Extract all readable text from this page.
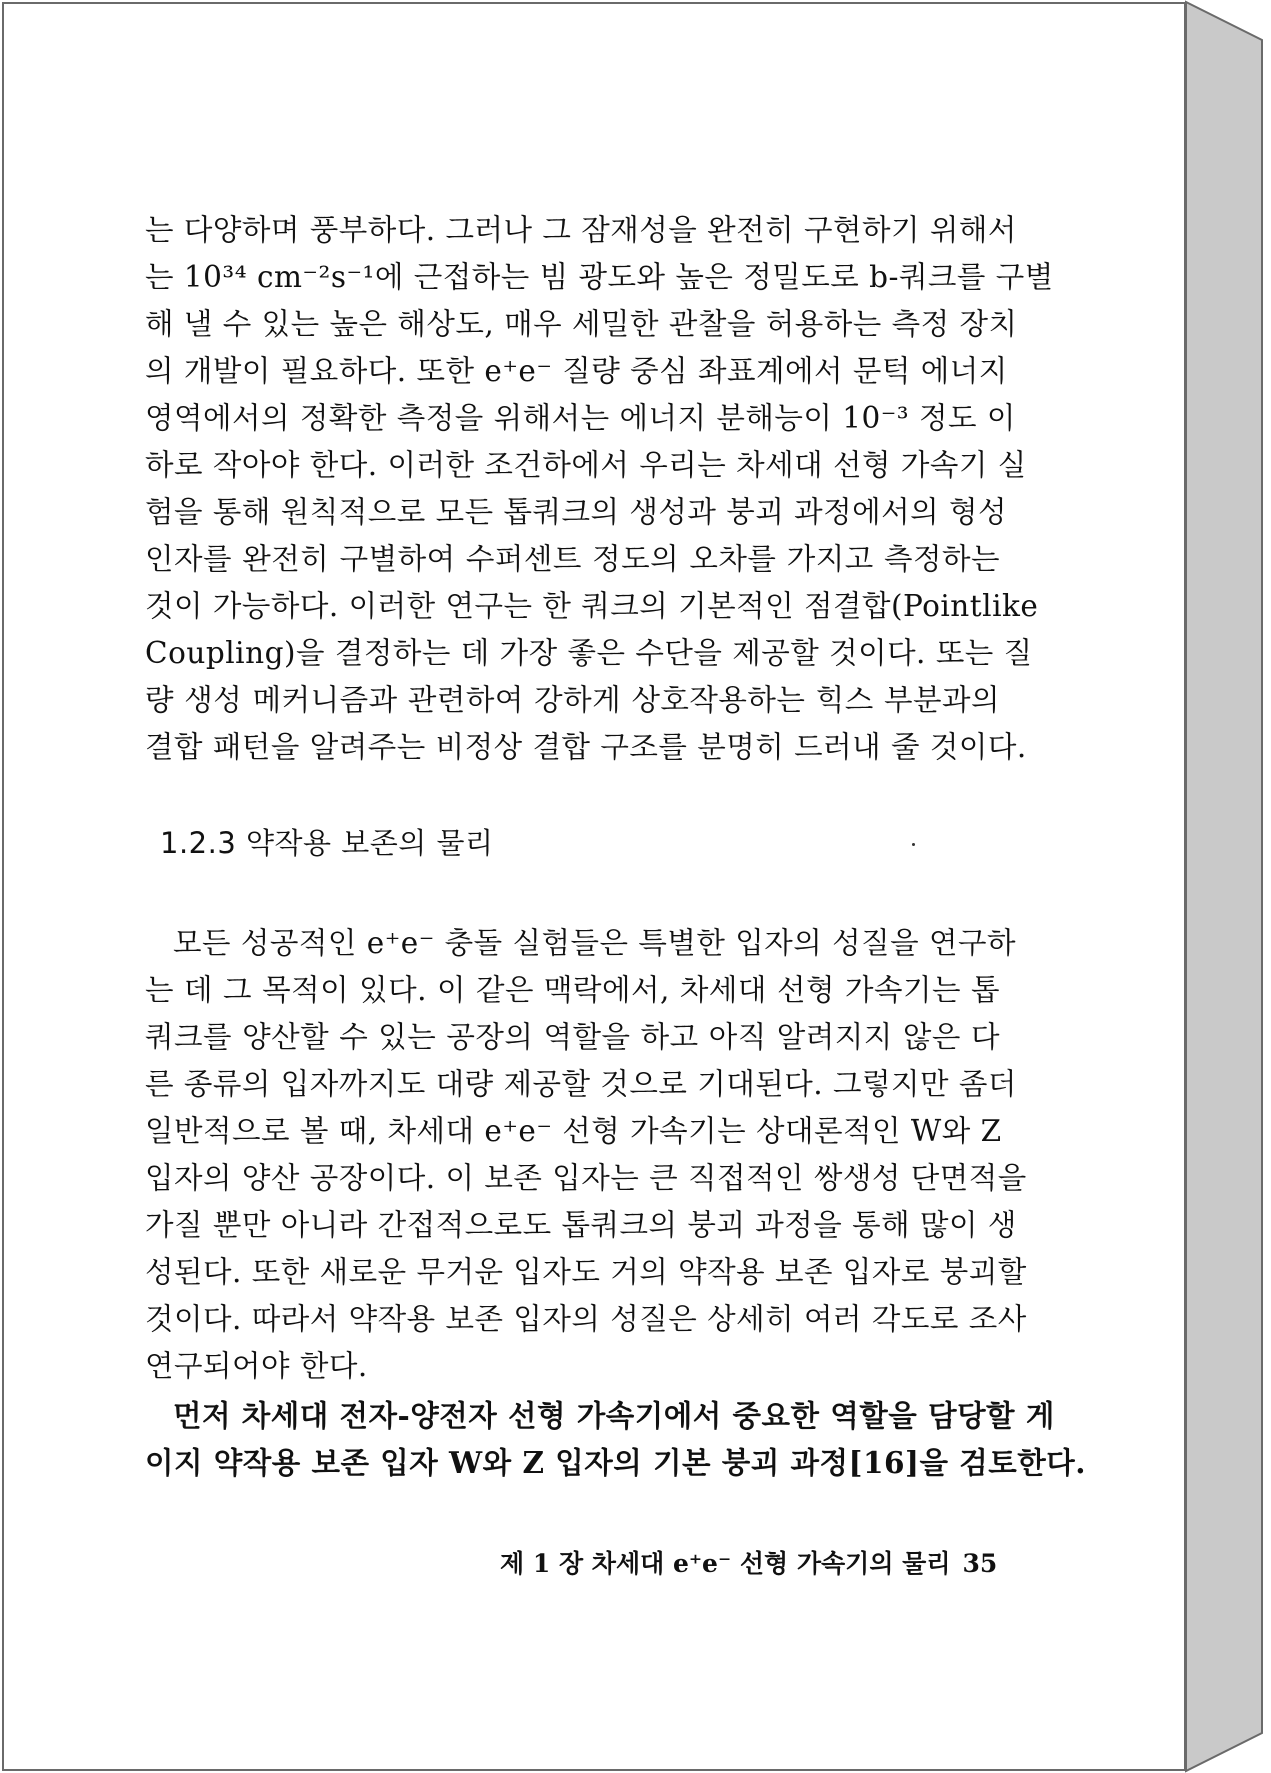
는 다양하며 풍부하다. 그러나 그 잠재성을 완전히 구현하기 위해서
는 10³⁴ cm⁻²s⁻¹에 근접하는 빔 광도와 높은 정밀도로 b-쿼크를 구별
해 낼 수 있는 높은 해상도, 매우 세밀한 관찰을 허용하는 측정 장치
의 개발이 필요하다. 또한 e⁺e⁻ 질량 중심 좌표계에서 문턱 에너지
영역에서의 정확한 측정을 위해서는 에너지 분해능이 10⁻³ 정도 이
하로 작아야 한다. 이러한 조건하에서 우리는 차세대 선형 가속기 실
험을 통해 원칙적으로 모든 톱쿼크의 생성과 붕괴 과정에서의 형성
인자를 완전히 구별하여 수퍼센트 정도의 오차를 가지고 측정하는
것이 가능하다. 이러한 연구는 한 쿼크의 기본적인 점결합(Pointlike
Coupling)을 결정하는 데 가장 좋은 수단을 제공할 것이다. 또는 질
량 생성 메커니즘과 관련하여 강하게 상호작용하는 힉스 부분과의
결합 패턴을 알려주는 비정상 결합 구조를 분명히 드러내 줄 것이다.
1.2.3 약작용 보존의 물리
모든 성공적인 e⁺e⁻ 충돌 실험들은 특별한 입자의 성질을 연구하
는 데 그 목적이 있다. 이 같은 맥락에서, 차세대 선형 가속기는 톱
쿼크를 양산할 수 있는 공장의 역할을 하고 아직 알려지지 않은 다
른 종류의 입자까지도 대량 제공할 것으로 기대된다. 그렇지만 좀더
일반적으로 볼 때, 차세대 e⁺e⁻ 선형 가속기는 상대론적인 W와 Z
입자의 양산 공장이다. 이 보존 입자는 큰 직접적인 쌍생성 단면적을
가질 뿐만 아니라 간접적으로도 톱쿼크의 붕괴 과정을 통해 많이 생
성된다. 또한 새로운 무거운 입자도 거의 약작용 보존 입자로 붕괴할
것이다. 따라서 약작용 보존 입자의 성질은 상세히 여러 각도로 조사
연구되어야 한다.
먼저 차세대 전자-양전자 선형 가속기에서 중요한 역할을 담당할 게
이지 약작용 보존 입자 W와 Z 입자의 기본 붕괴 과정[16]을 검토한다.
제 1 장 차세대 e⁺e⁻ 선형 가속기의 물리 35
